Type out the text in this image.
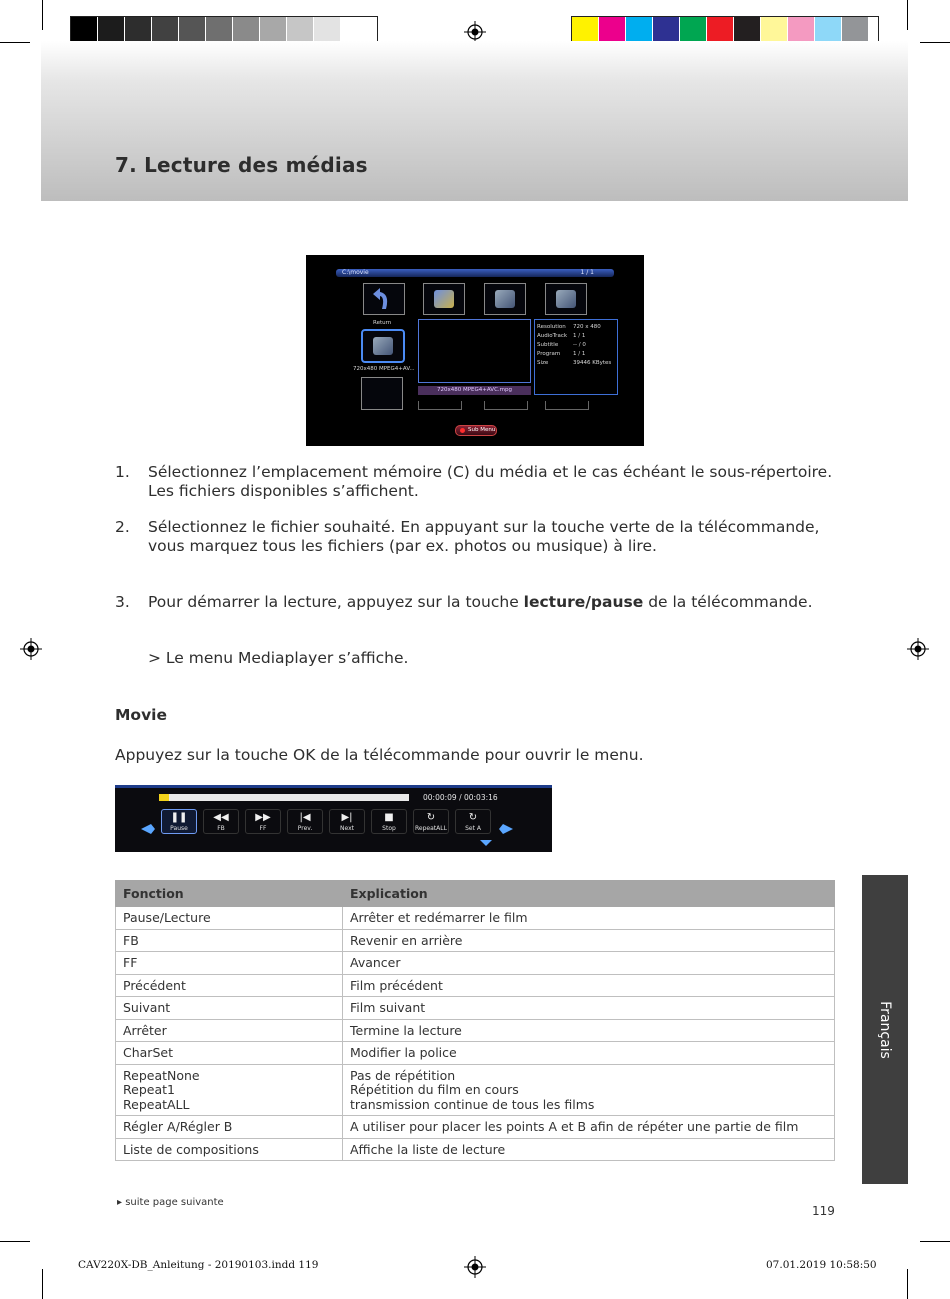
7. Lecture des médias
C:\movie	1 / 1
Return
720x480 MPEG4+AV...
720x480 MPEG4+AVC.mpg
Resolution 720 x 480
AudioTrack 1 / 1
Subtitle	-- / 0
Program 1 / 1
Size	39446 KBytes
Sub Menu
1. Sélectionnez l’emplacement mémoire (C) du média et le cas échéant le sous-répertoire. Les fichiers disponibles s’affichent.
2. Sélectionnez le fichier souhaité. En appuyant sur la touche verte de la télécommande, vous marquez tous les fichiers (par ex. photos ou musique) à lire.
3. Pour démarrer la lecture, appuyez sur la touche lecture/pause de la télécommande.
> Le menu Mediaplayer s’affiche.
Movie
Appuyez sur la touche OK de la télécommande pour ouvrir le menu.
00:00:09 / 00:03:16
❚❚
Pause
◀◀
FB
▶▶
FF
|◀
Prev.
▶|
Next
■
Stop
↻
RepeatALL
↻
Set A
Fonction	Explication
Pause/Lecture	Arrêter et redémarrer le film
FB	Revenir en arrière
FF	Avancer
Précédent	Film précédent
Suivant	Film suivant
Arrêter	Termine la lecture
CharSet	Modifier la police
RepeatNone
Repeat1
RepeatALL	Pas de répétition
Répétition du film en cours
transmission continue de tous les films
Régler A/Régler B	A utiliser pour placer les points A et B afin de répéter une partie de film
Liste de compositions	Affiche la liste de lecture
Français
▸ suite page suivante
119
CAV220X-DB_Anleitung - 20190103.indd 119	07.01.2019 10:58:50
